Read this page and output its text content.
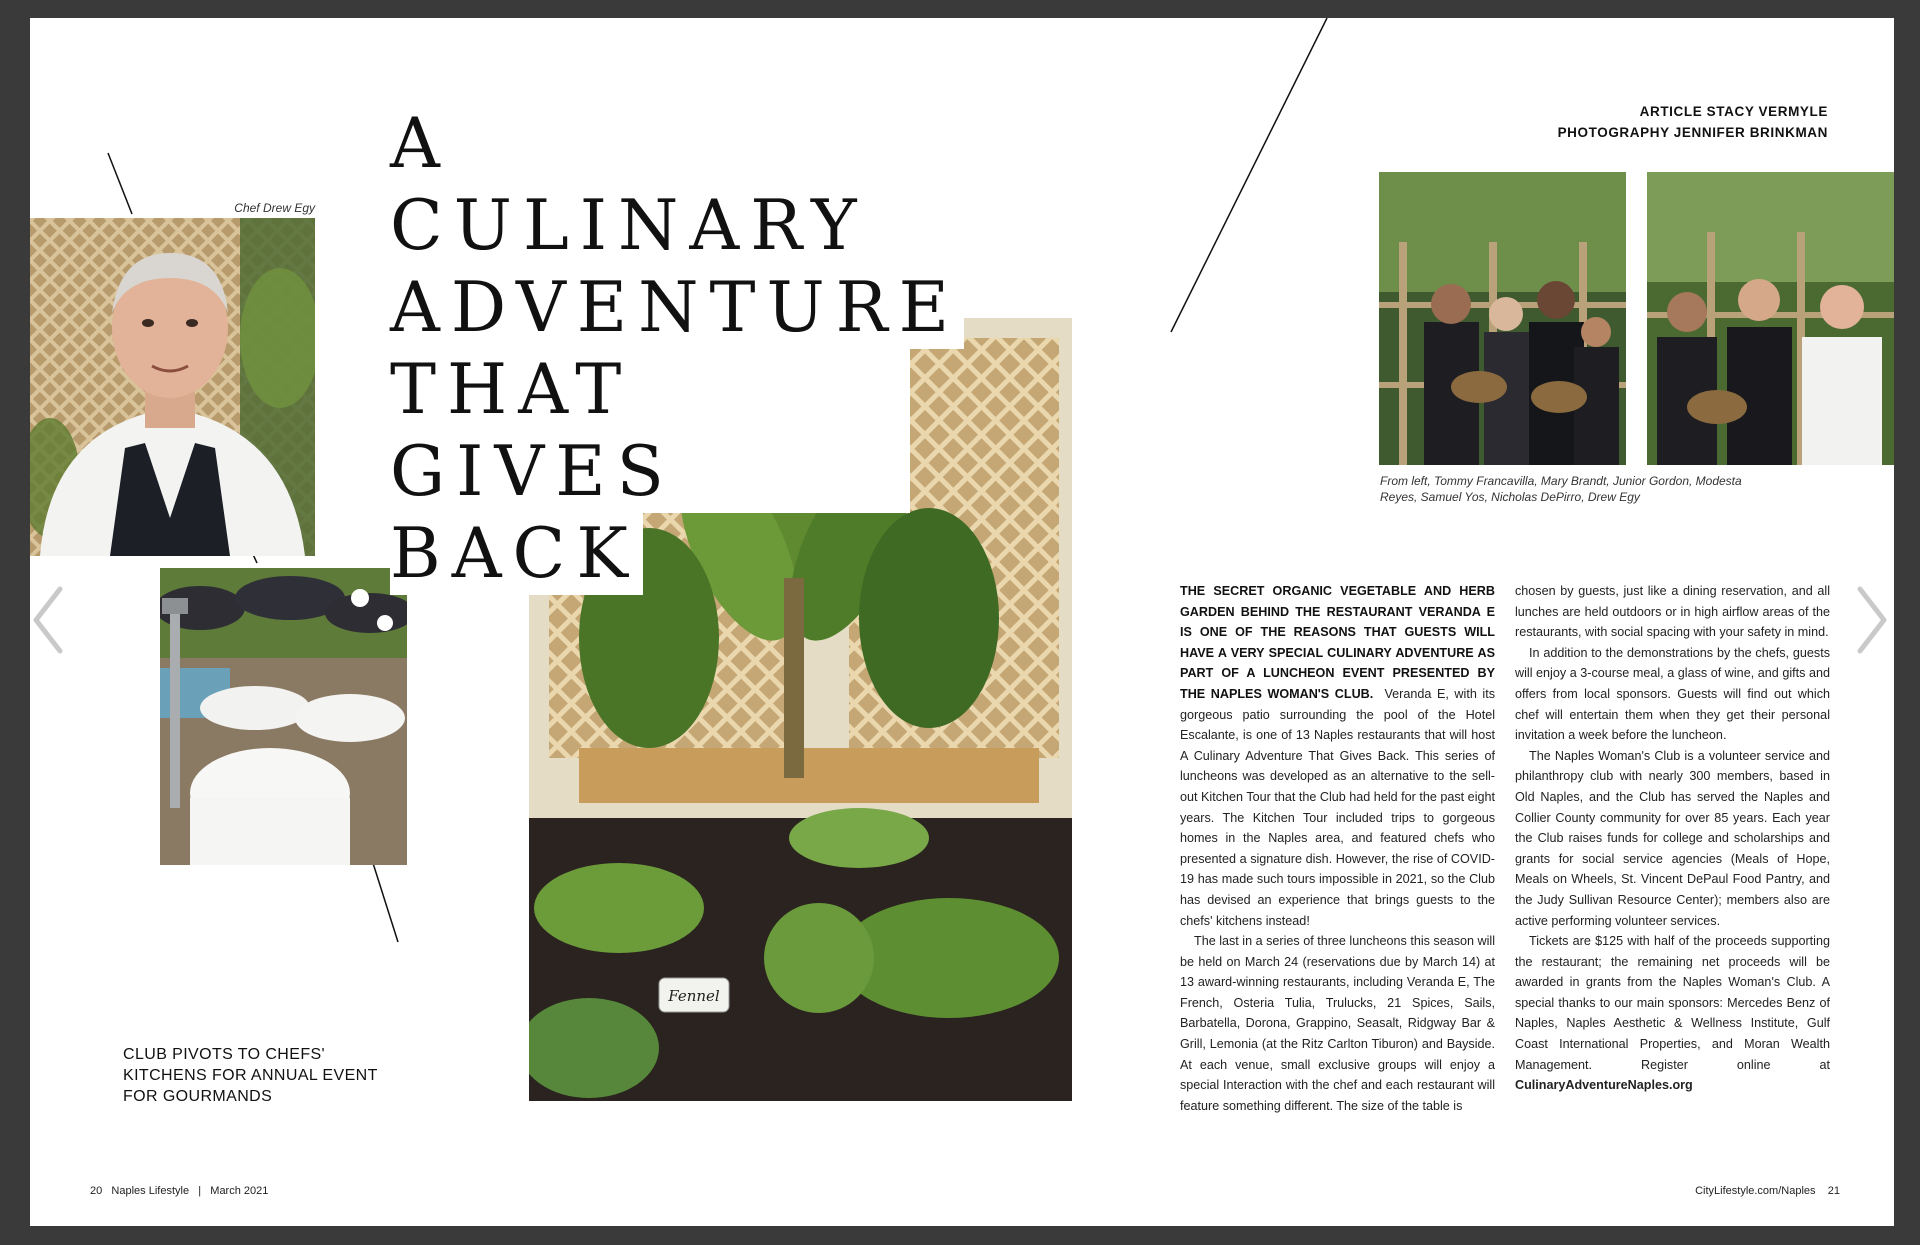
A CULINARY
ADVENTURE
THAT GIVES
BACK
Chef Drew Egy
CLUB PIVOTS TO CHEFS' KITCHENS FOR ANNUAL EVENT FOR GOURMANDS
Fennel
ARTICLE STACY VERMYLE
PHOTOGRAPHY JENNIFER BRINKMAN
From left, Tommy Francavilla, Mary Brandt, Junior Gordon, Modesta Reyes, Samuel Yos, Nicholas DePirro, Drew Egy

THE SECRET ORGANIC VEGETABLE AND HERB GARDEN BEHIND THE RESTAURANT VERANDA E IS ONE OF THE REASONS THAT GUESTS WILL HAVE A VERY SPECIAL CULINARY ADVENTURE AS PART OF A LUNCHEON EVENT PRESENTED BY THE NAPLES WOMAN'S CLUB. Veranda E, with its gorgeous patio surrounding the pool of the Hotel Escalante, is one of 13 Naples restaurants that will host A Culinary Adventure That Gives Back. This series of luncheons was developed as an alternative to the sell-out Kitchen Tour that the Club had held for the past eight years. The Kitchen Tour included trips to gorgeous homes in the Naples area, and featured chefs who presented a signature dish. However, the rise of COVID-19 has made such tours impossible in 2021, so the Club has devised an experience that brings guests to the chefs' kitchens instead!

The last in a series of three luncheons this season will be held on March 24 (reservations due by March 14) at 13 award-winning restaurants, including Veranda E, The French, Osteria Tulia, Trulucks, 21 Spices, Sails, Barbatella, Dorona, Grappino, Seasalt, Ridgway Bar & Grill, Lemonia (at the Ritz Carlton Tiburon) and Bayside. At each venue, small exclusive groups will enjoy a special Interaction with the chef and each restaurant will feature something different. The size of the table is

chosen by guests, just like a dining reservation, and all lunches are held outdoors or in high airflow areas of the restaurants, with social spacing with your safety in mind.

In addition to the demonstrations by the chefs, guests will enjoy a 3-course meal, a glass of wine, and gifts and offers from local sponsors. Guests will find out which chef will entertain them when they get their personal invitation a week before the luncheon.

The Naples Woman's Club is a volunteer service and philanthropy club with nearly 300 members, based in Old Naples, and the Club has served the Naples and Collier County community for over 85 years. Each year the Club raises funds for college and scholarships and grants for social service agencies (Meals of Hope, Meals on Wheels, St. Vincent DePaul Food Pantry, and the Judy Sullivan Resource Center); members also are active performing volunteer services.

Tickets are $125 with half of the proceeds supporting the restaurant; the remaining net proceeds will be awarded in grants from the Naples Woman's Club. A special thanks to our main sponsors: Mercedes Benz of Naples, Naples Aesthetic & Wellness Institute, Gulf Coast International Properties, and Moran Wealth Management. Register online at CulinaryAdventureNaples.org

20 Naples Lifestyle | March 2021	CityLifestyle.com/Naples 21
